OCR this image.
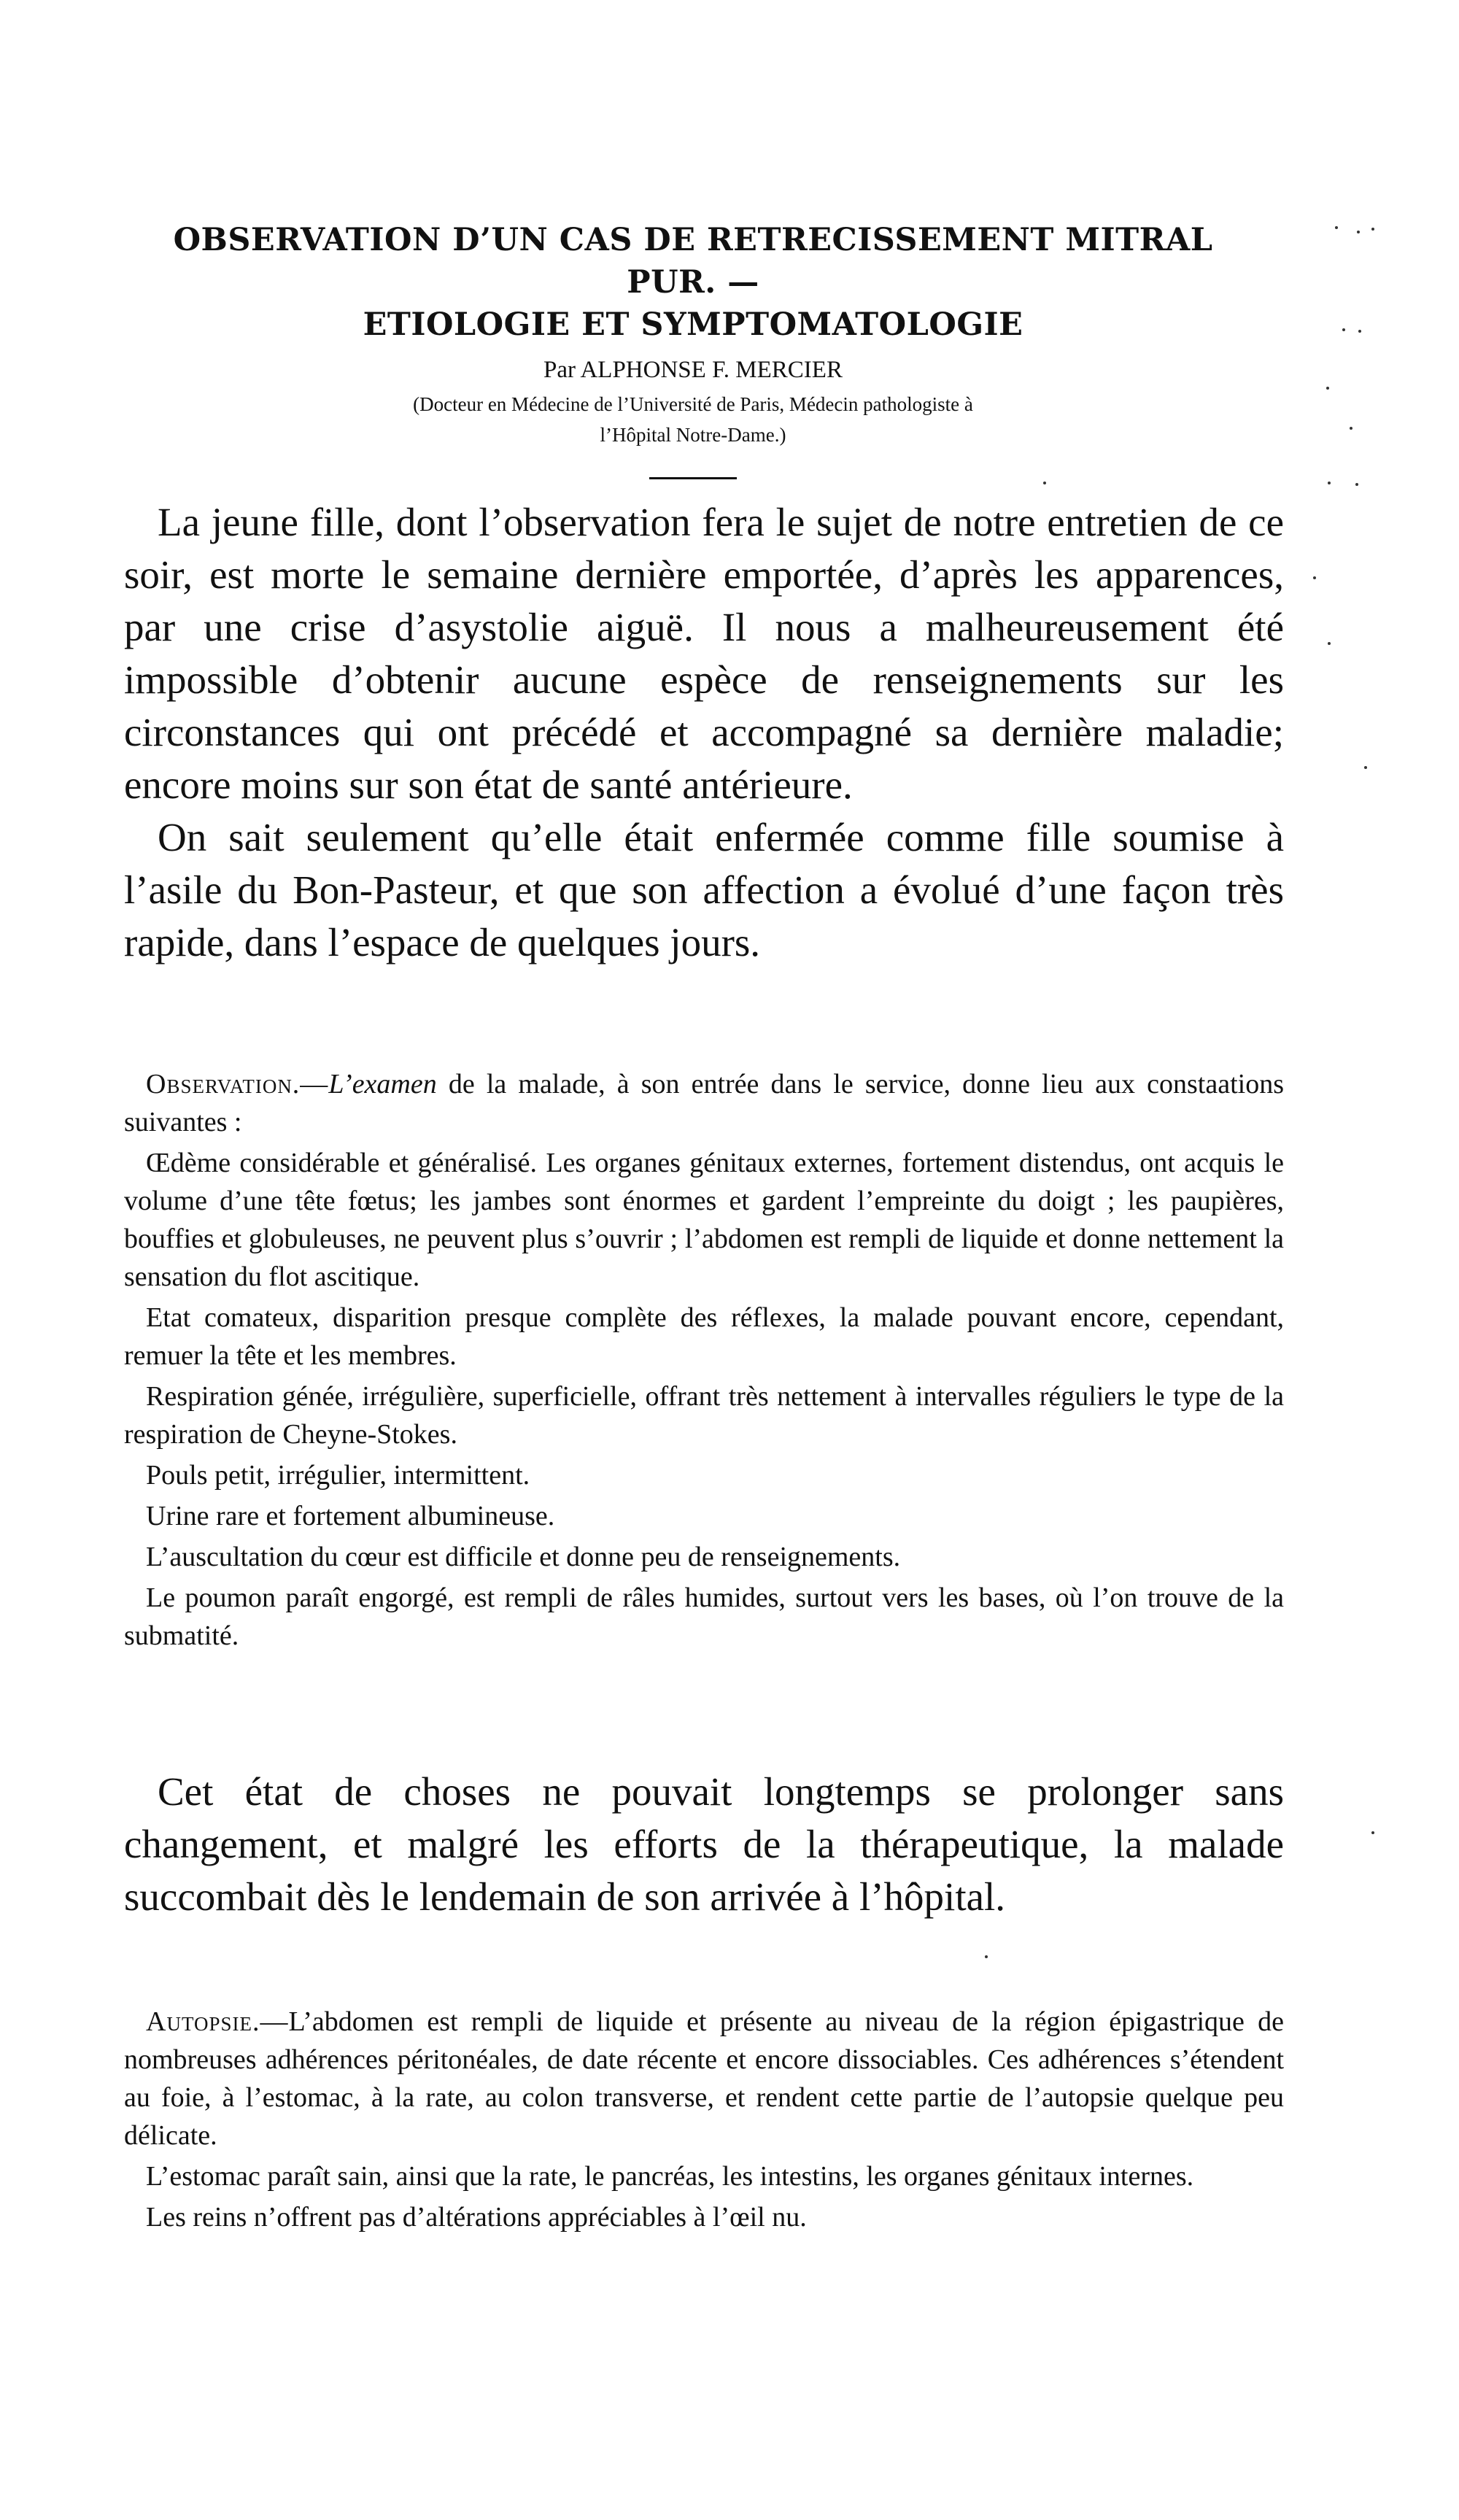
OBSERVATION D’UN CAS DE RETRECISSEMENT MITRAL PUR. —
ETIOLOGIE ET SYMPTOMATOLOGIE
Par ALPHONSE F. MERCIER
(Docteur en Médecine de l’Université de Paris, Médecin pathologiste à
l’Hôpital Notre-Dame.)

La jeune fille, dont l’observation fera le sujet de notre entretien de ce soir, est morte le semaine dernière emportée, d’après les apparences, par une crise d’asystolie aiguë. Il nous a malheureusement été impossible d’obtenir aucune espèce de renseignements sur les circonstances qui ont précédé et accompagné sa dernière maladie; encore moins sur son état de santé antérieure.

On sait seulement qu’elle était enfermée comme fille soumise à l’asile du Bon-Pasteur, et que son affection a évolué d’une façon très rapide, dans l’espace de quelques jours.

Observation.—L’examen de la malade, à son entrée dans le service, donne lieu aux constaations suivantes :

Œdème considérable et généralisé. Les organes génitaux externes, fortement distendus, ont acquis le volume d’une tête fœtus; les jambes sont énormes et gardent l’empreinte du doigt ; les paupières, bouffies et globuleuses, ne peuvent plus s’ouvrir ; l’abdomen est rempli de liquide et donne nettement la sensation du flot ascitique.

Etat comateux, disparition presque complète des réflexes, la malade pouvant encore, cependant, remuer la tête et les membres.

Respiration génée, irrégulière, superficielle, offrant très nettement à intervalles réguliers le type de la respiration de Cheyne-Stokes.

Pouls petit, irrégulier, intermittent.

Urine rare et fortement albumineuse.

L’auscultation du cœur est difficile et donne peu de renseignements.

Le poumon paraît engorgé, est rempli de râles humides, surtout vers les bases, où l’on trouve de la submatité.

Cet état de choses ne pouvait longtemps se prolonger sans changement, et malgré les efforts de la thérapeutique, la malade succombait dès le lendemain de son arrivée à l’hôpital.

Autopsie.—L’abdomen est rempli de liquide et présente au niveau de la région épigastrique de nombreuses adhérences péritonéales, de date récente et encore dissociables. Ces adhérences s’étendent au foie, à l’estomac, à la rate, au colon transverse, et rendent cette partie de l’autopsie quelque peu délicate.

L’estomac paraît sain, ainsi que la rate, le pancréas, les intestins, les organes génitaux internes.

Les reins n’offrent pas d’altérations appréciables à l’œil nu.
